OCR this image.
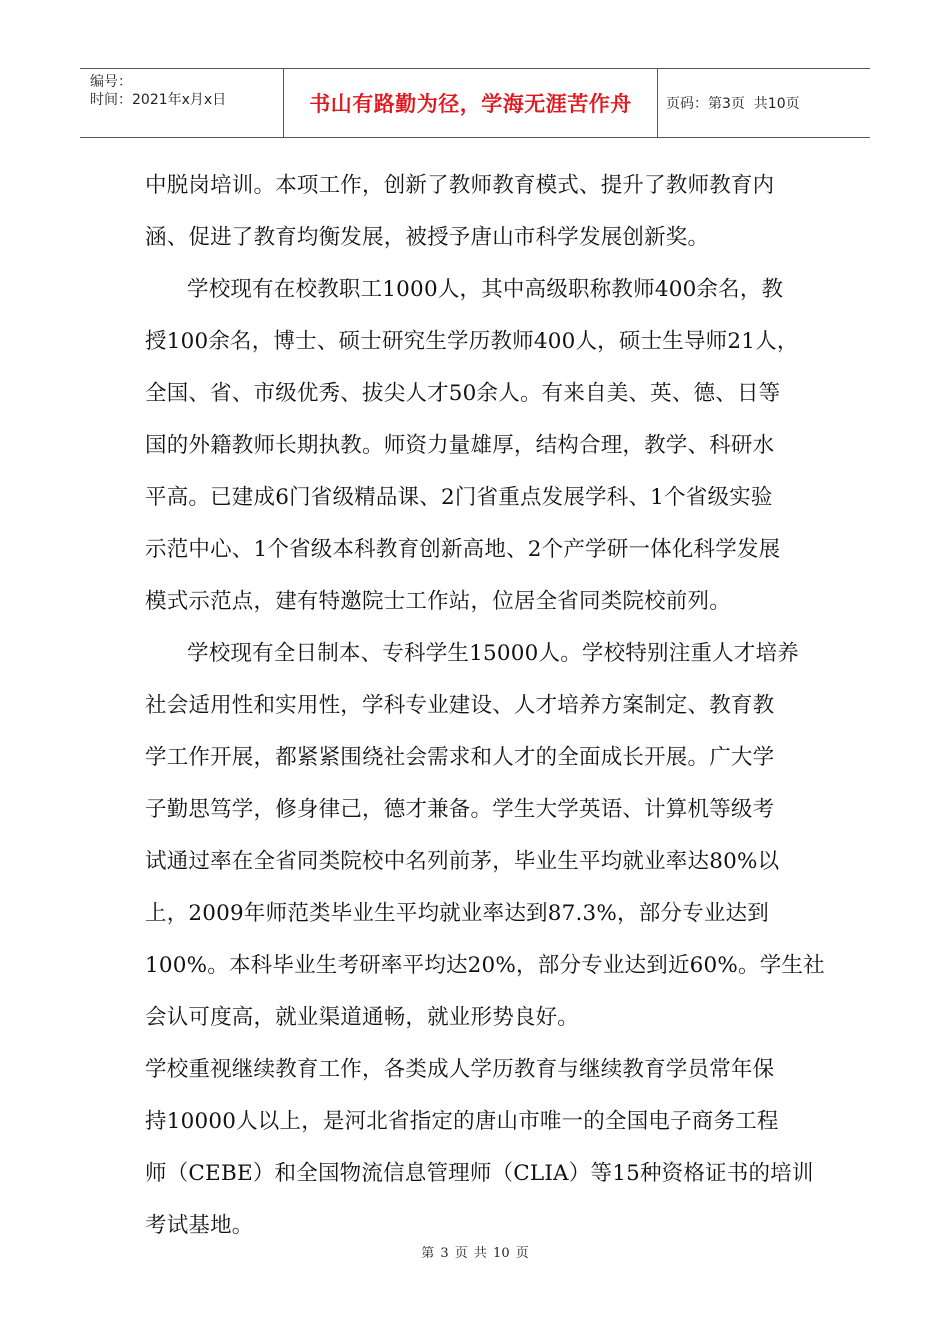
编号：
时间：2021年x月x日	书山有路勤为径，学海无涯苦作舟	页码：第3页  共10页
中脱岗培训。本项工作，创新了教师教育模式、提升了教师教育内
涵、促进了教育均衡发展，被授予唐山市科学发展创新奖。
学校现有在校教职工1000人，其中高级职称教师400余名，教
授100余名，博士、硕士研究生学历教师400人，硕士生导师21人，
全国、省、市级优秀、拔尖人才50余人。有来自美、英、德、日等
国的外籍教师长期执教。师资力量雄厚，结构合理，教学、科研水
平高。已建成6门省级精品课、2门省重点发展学科、1个省级实验
示范中心、1个省级本科教育创新高地、2个产学研一体化科学发展
模式示范点，建有特邀院士工作站，位居全省同类院校前列。
学校现有全日制本、专科学生15000人。学校特别注重人才培养
社会适用性和实用性，学科专业建设、人才培养方案制定、教育教
学工作开展，都紧紧围绕社会需求和人才的全面成长开展。广大学
子勤思笃学，修身律己，德才兼备。学生大学英语、计算机等级考
试通过率在全省同类院校中名列前茅，毕业生平均就业率达80%以
上，2009年师范类毕业生平均就业率达到87.3%，部分专业达到
100%。本科毕业生考研率平均达20%，部分专业达到近60%。学生社
会认可度高，就业渠道通畅，就业形势良好。
学校重视继续教育工作，各类成人学历教育与继续教育学员常年保
持10000人以上，是河北省指定的唐山市唯一的全国电子商务工程
师（CEBE）和全国物流信息管理师（CLIA）等15种资格证书的培训
考试基地。
第 3 页 共 10 页
